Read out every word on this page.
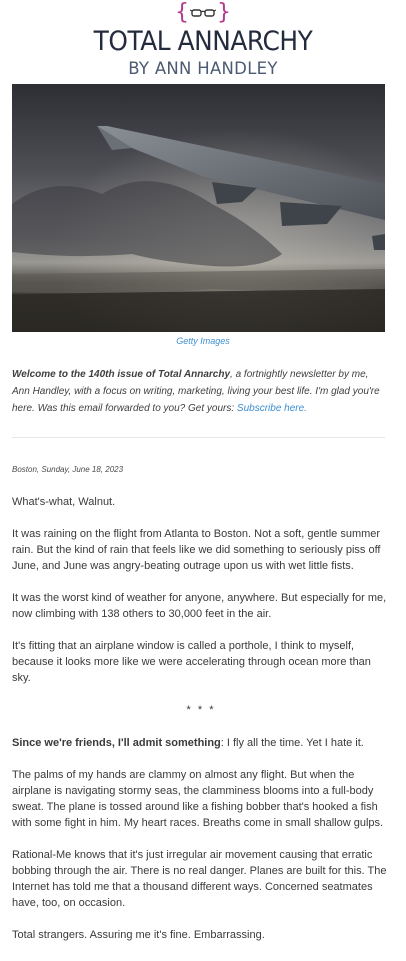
{ }
TOTAL ANNARCHY
BY ANN HANDLEY
Getty Images
Welcome to the 140th issue of Total Annarchy, a fortnightly newsletter by me, Ann Handley, with a focus on writing, marketing, living your best life. I'm glad you're here. Was this email forwarded to you? Get yours: Subscribe here.
Boston, Sunday, June 18, 2023

What's-what, Walnut.

It was raining on the flight from Atlanta to Boston. Not a soft, gentle summer rain. But the kind of rain that feels like we did something to seriously piss off June, and June was angry-beating outrage upon us with wet little fists.

It was the worst kind of weather for anyone, anywhere. But especially for me, now climbing with 138 others to 30,000 feet in the air.

It's fitting that an airplane window is called a porthole, I think to myself, because it looks more like we were accelerating through ocean more than sky.

* * *

Since we're friends, I'll admit something: I fly all the time. Yet I hate it.

The palms of my hands are clammy on almost any flight. But when the airplane is navigating stormy seas, the clamminess blooms into a full-body sweat. The plane is tossed around like a fishing bobber that's hooked a fish with some fight in him. My heart races. Breaths come in small shallow gulps.

Rational-Me knows that it's just irregular air movement causing that erratic bobbing through the air. There is no real danger. Planes are built for this. The Internet has told me that a thousand different ways. Concerned seatmates have, too, on occasion.

Total strangers. Assuring me it's fine. Embarrassing.
